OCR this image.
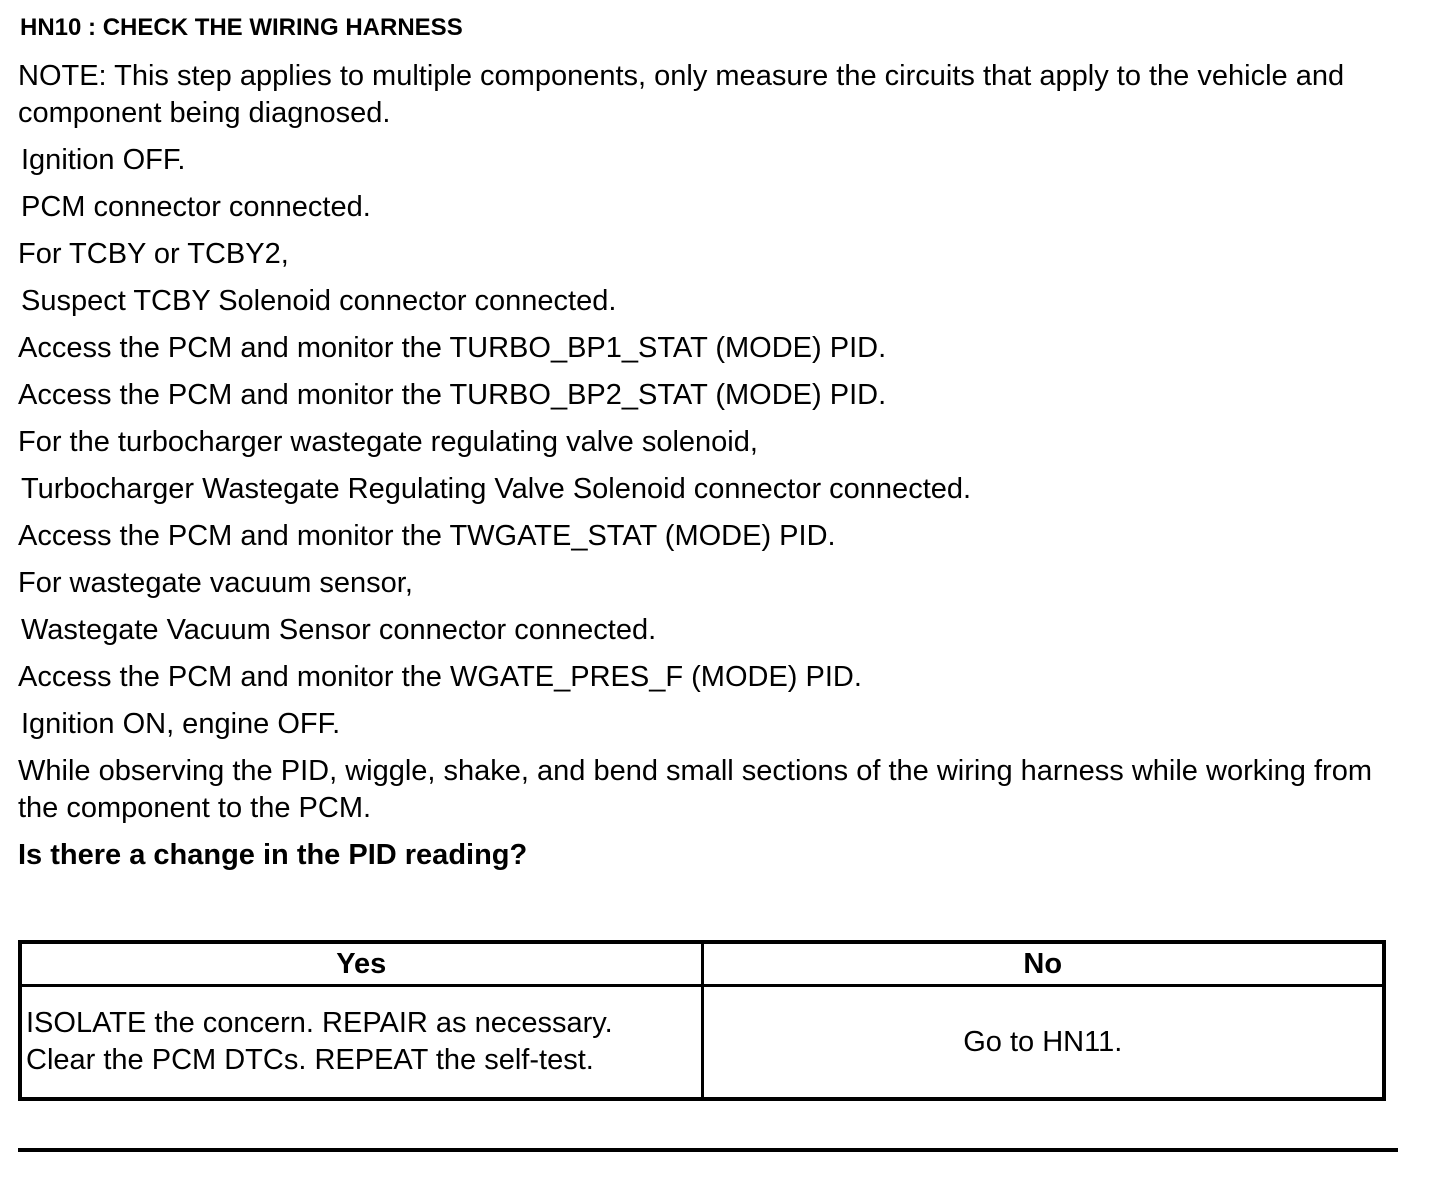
HN10 : CHECK THE WIRING HARNESS
NOTE: This step applies to multiple components, only measure the circuits that apply to the vehicle and component being diagnosed.
Ignition OFF.
PCM connector connected.
For TCBY or TCBY2,
Suspect TCBY Solenoid connector connected.
Access the PCM and monitor the TURBO_BP1_STAT (MODE) PID.
Access the PCM and monitor the TURBO_BP2_STAT (MODE) PID.
For the turbocharger wastegate regulating valve solenoid,
Turbocharger Wastegate Regulating Valve Solenoid connector connected.
Access the PCM and monitor the TWGATE_STAT (MODE) PID.
For wastegate vacuum sensor,
Wastegate Vacuum Sensor connector connected.
Access the PCM and monitor the WGATE_PRES_F (MODE) PID.
Ignition ON, engine OFF.
While observing the PID, wiggle, shake, and bend small sections of the wiring harness while working from the component to the PCM.
Is there a change in the PID reading?
Yes	No

ISOLATE the concern. REPAIR as necessary.
Clear the PCM DTCs. REPEAT the self-test.	Go to HN11.
